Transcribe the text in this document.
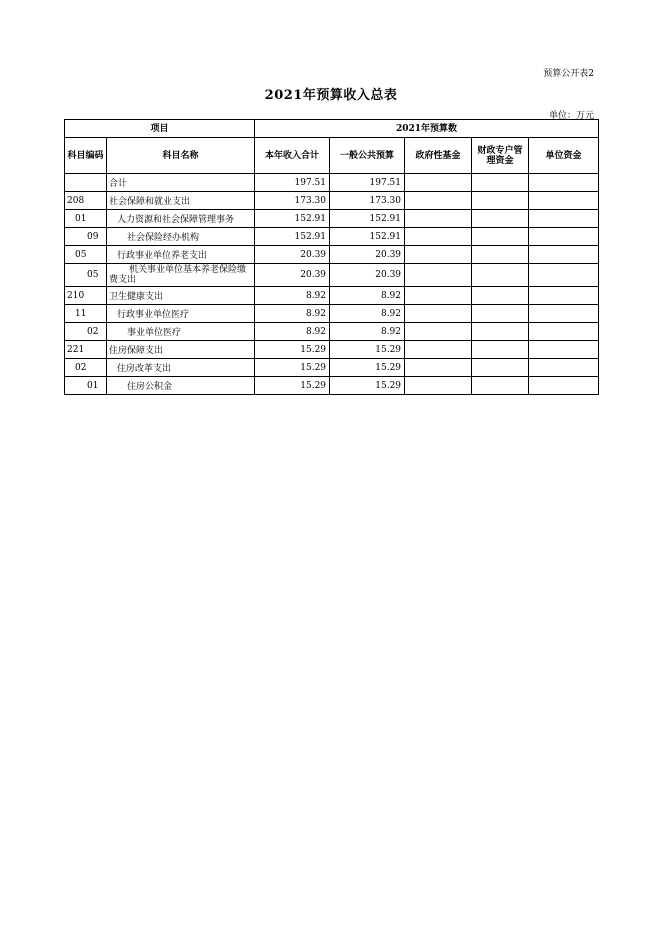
预算公开表2
2021年预算收入总表
单位：万元
项目		2021年预算数				
科目编码	科目名称	本年收入合计	一般公共预算	政府性基金	财政专户管理资金	单位资金
	合计	197.51	197.51			
208	社会保障和就业支出	173.30	173.30			
01	人力资源和社会保障管理事务	152.91	152.91			
09	社会保险经办机构	152.91	152.91			
05	行政事业单位养老支出	20.39	20.39			
05	机关事业单位基本养老保险缴费支出	20.39	20.39			
210	卫生健康支出	8.92	8.92			
11	行政事业单位医疗	8.92	8.92			
02	事业单位医疗	8.92	8.92			
221	住房保障支出	15.29	15.29			
02	住房改革支出	15.29	15.29			
01	住房公积金	15.29	15.29			
